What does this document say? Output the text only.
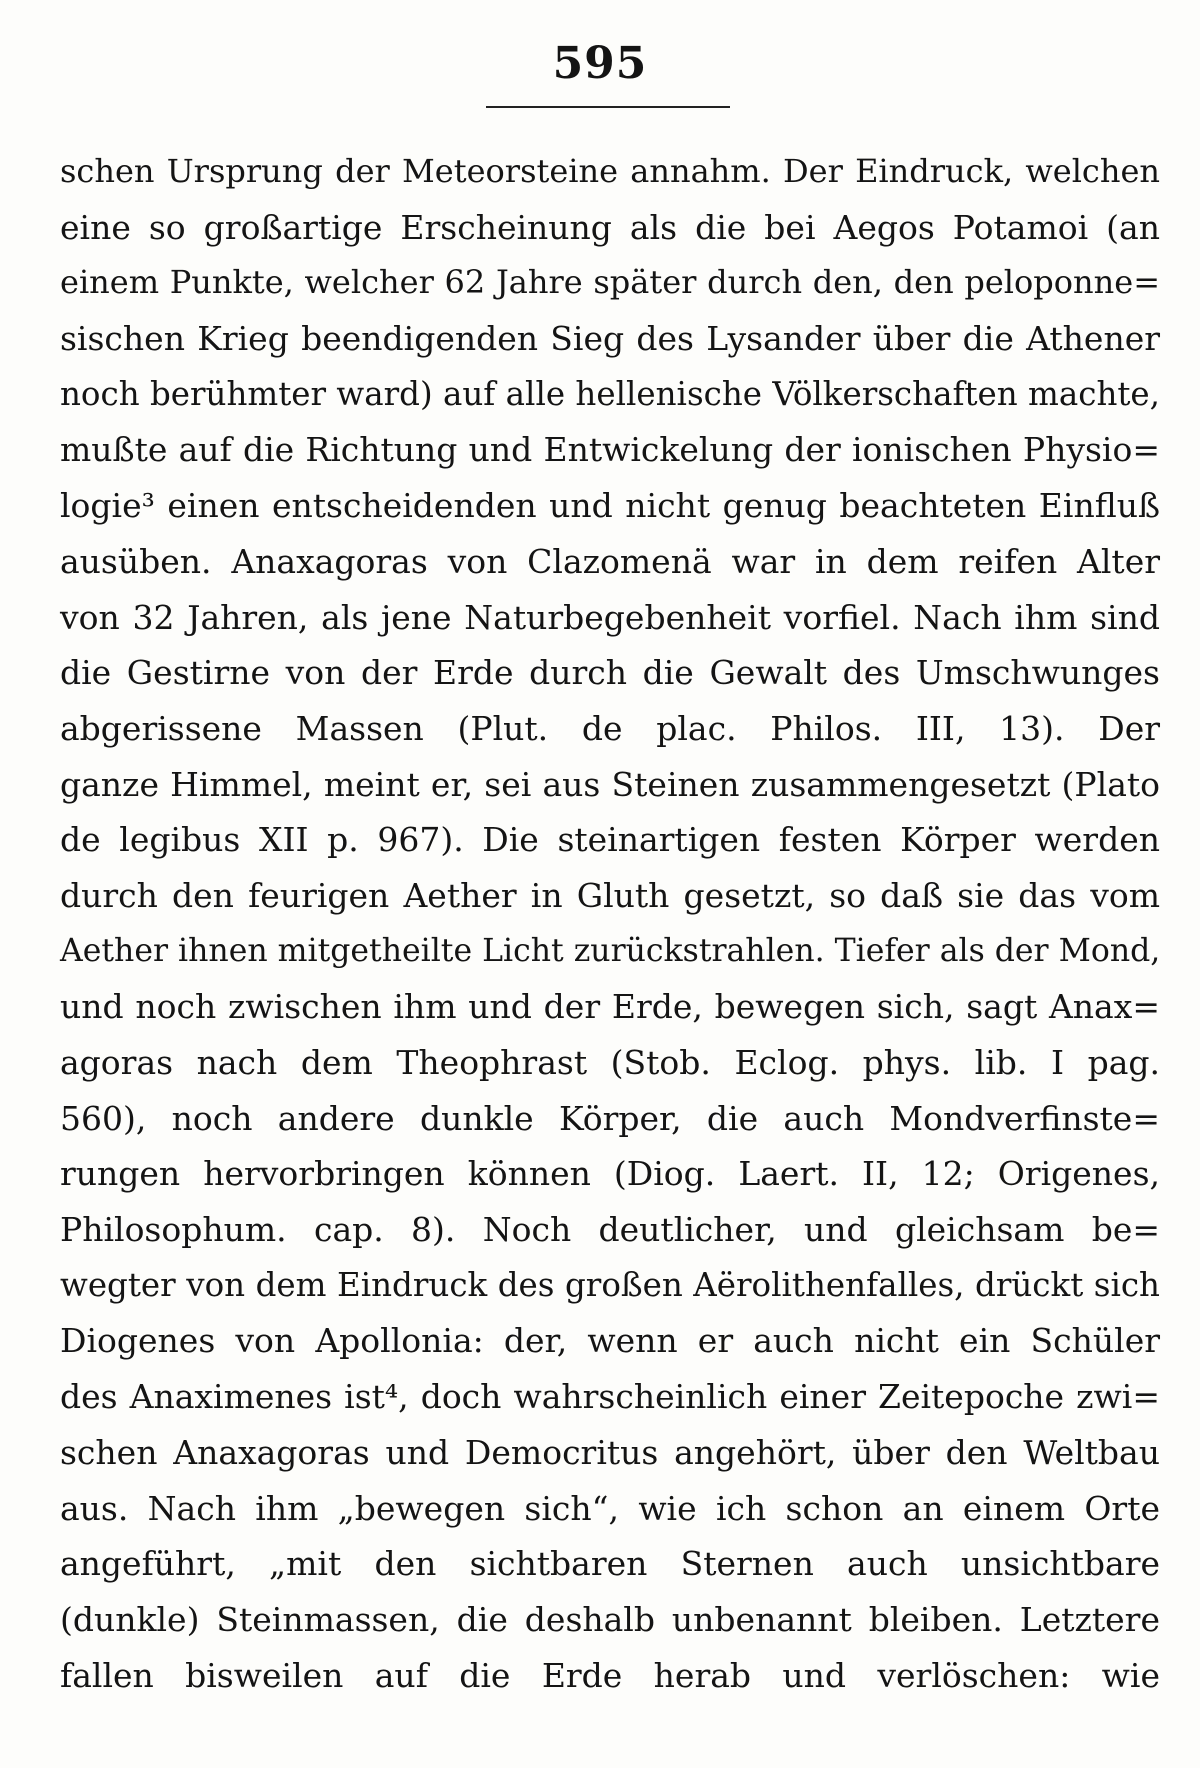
595
schen Ursprung der Meteorsteine annahm. Der Eindruck, welchen
eine so großartige Erscheinung als die bei Aegos Potamoi (an
einem Punkte, welcher 62 Jahre später durch den, den peloponne=
sischen Krieg beendigenden Sieg des Lysander über die Athener
noch berühmter ward) auf alle hellenische Völkerschaften machte,
mußte auf die Richtung und Entwickelung der ionischen Physio=
logie³ einen entscheidenden und nicht genug beachteten Einfluß
ausüben. Anaxagoras von Clazomenä war in dem reifen Alter
von 32 Jahren, als jene Naturbegebenheit vorfiel. Nach ihm sind
die Gestirne von der Erde durch die Gewalt des Umschwunges
abgerissene Massen (Plut. de plac. Philos. III, 13). Der
ganze Himmel, meint er, sei aus Steinen zusammengesetzt (Plato
de legibus XII p. 967). Die steinartigen festen Körper werden
durch den feurigen Aether in Gluth gesetzt, so daß sie das vom
Aether ihnen mitgetheilte Licht zurückstrahlen. Tiefer als der Mond,
und noch zwischen ihm und der Erde, bewegen sich, sagt Anax=
agoras nach dem Theophrast (Stob. Eclog. phys. lib. I pag.
560), noch andere dunkle Körper, die auch Mondverfinste=
rungen hervorbringen können (Diog. Laert. II, 12; Origenes,
Philosophum. cap. 8). Noch deutlicher, und gleichsam be=
wegter von dem Eindruck des großen Aërolithenfalles, drückt sich
Diogenes von Apollonia: der, wenn er auch nicht ein Schüler
des Anaximenes ist⁴, doch wahrscheinlich einer Zeitepoche zwi=
schen Anaxagoras und Democritus angehört, über den Weltbau
aus. Nach ihm „bewegen sich“, wie ich schon an einem Orte
angeführt, „mit den sichtbaren Sternen auch unsichtbare
(dunkle) Steinmassen, die deshalb unbenannt bleiben. Letztere
fallen bisweilen auf die Erde herab und verlöschen: wie
